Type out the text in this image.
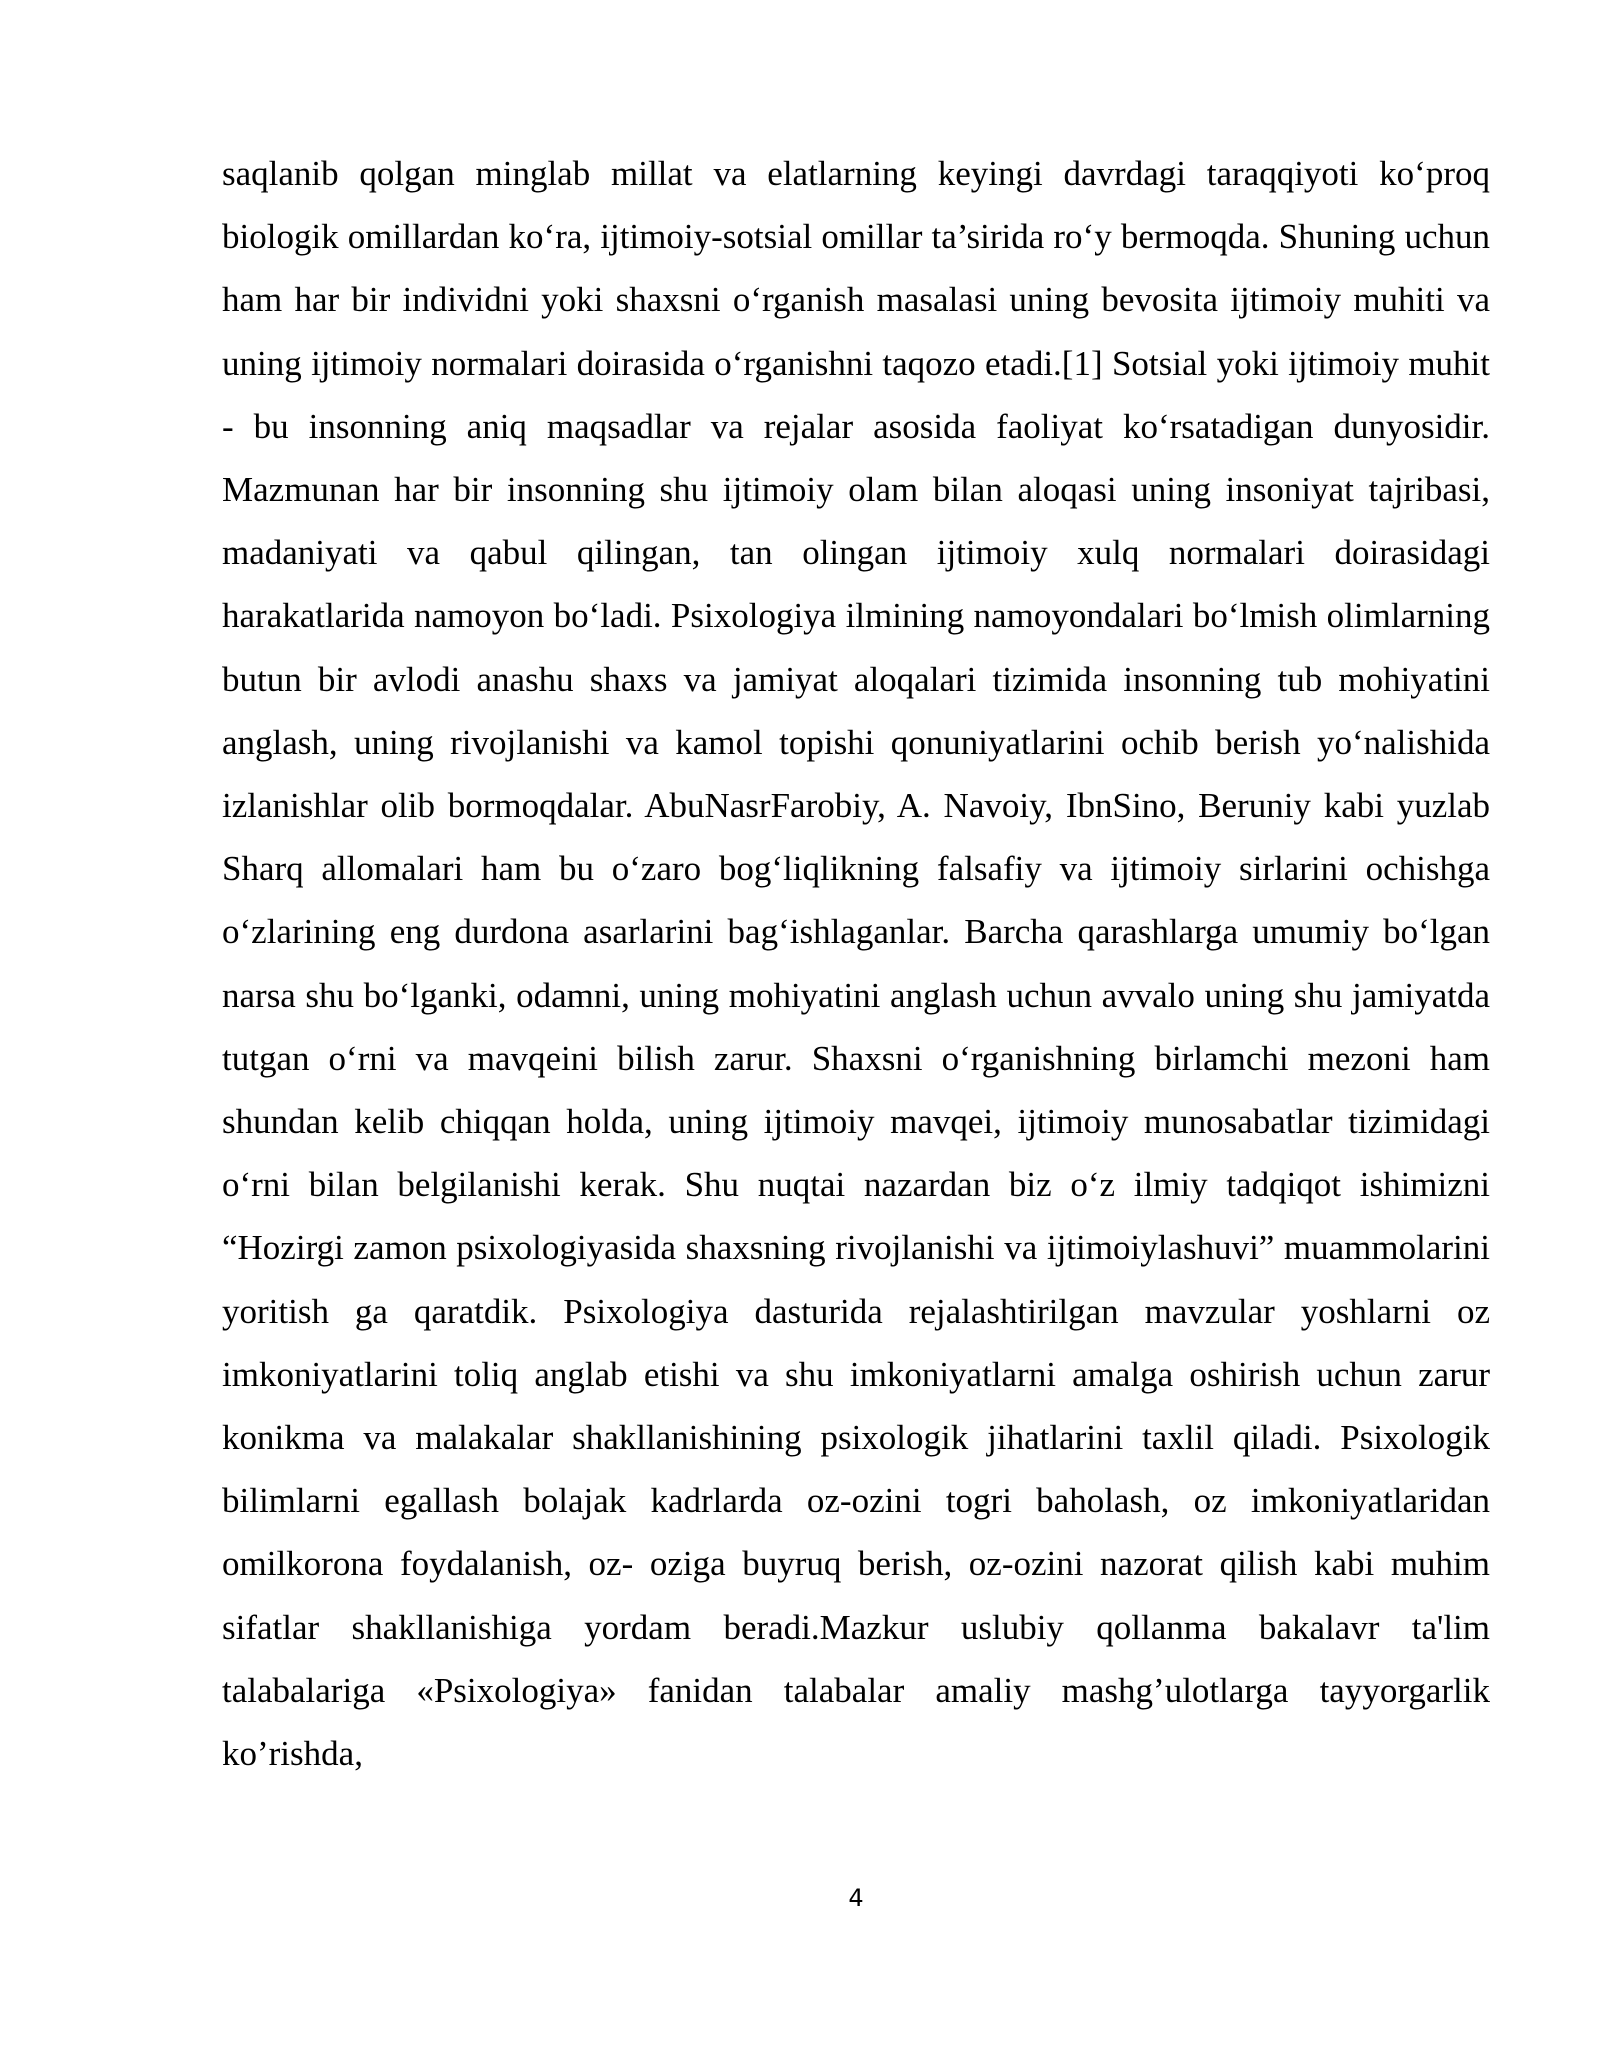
saqlanib qolgan minglab millat va elatlarning keyingi davrdagi taraqqiyoti ko‘proq biologik omillardan ko‘ra, ijtimoiy-sotsial omillar ta’sirida ro‘y bermoqda. Shuning uchun ham har bir individni yoki shaxsni o‘rganish masalasi uning bevosita ijtimoiy muhiti va uning ijtimoiy normalari doirasida o‘rganishni taqozo etadi.[1] Sotsial yoki ijtimoiy muhit - bu insonning aniq maqsadlar va rejalar asosida faoliyat ko‘rsatadigan dunyosidir. Mazmunan har bir insonning shu ijtimoiy olam bilan aloqasi uning insoniyat tajribasi, madaniyati va qabul qilingan, tan olingan ijtimoiy xulq normalari doirasidagi harakatlarida namoyon bo‘ladi. Psixologiya ilmining namoyondalari bo‘lmish olimlarning butun bir avlodi anashu shaxs va jamiyat aloqalari tizimida insonning tub mohiyatini anglash, uning rivojlanishi va kamol topishi qonuniyatlarini ochib berish yo‘nalishida izlanishlar olib bormoqdalar. AbuNasrFarobiy, A. Navoiy, IbnSino, Beruniy kabi yuzlab Sharq allomalari ham bu o‘zaro bog‘liqlikning falsafiy va ijtimoiy sirlarini ochishga o‘zlarining eng durdona asarlarini bag‘ishlaganlar. Barcha qarashlarga umumiy bo‘lgan narsa shu bo‘lganki, odamni, uning mohiyatini anglash uchun avvalo uning shu jamiyatda tutgan o‘rni va mavqeini bilish zarur. Shaxsni o‘rganishning birlamchi mezoni ham shundan kelib chiqqan holda, uning ijtimoiy mavqei, ijtimoiy munosabatlar tizimidagi o‘rni bilan belgilanishi kerak. Shu nuqtai nazardan biz o‘z ilmiy tadqiqot ishimizni “Hozirgi zamon psixologiyasida shaxsning rivojlanishi va ijtimoiylashuvi” muammolarini yoritish ga qaratdik. Psixologiya dasturida rejalashtirilgan mavzular yoshlarni oz imkoniyatlarini toliq anglab etishi va shu imkoniyatlarni amalga oshirish uchun zarur konikma va malakalar shakllanishining psixologik jihatlarini taxlil qiladi. Psixologik bilimlarni egallash bolajak kadrlarda oz-ozini togri baholash, oz imkoniyatlaridan omilkorona foydalanish, oz- oziga buyruq berish, oz-ozini nazorat qilish kabi muhim sifatlar shakllanishiga yordam beradi.Mazkur uslubiy qollanma bakalavr ta'lim talabalariga «Psixologiya» fanidan talabalar amaliy mashg’ulotlarga tayyorgarlik ko’rishda,

4
